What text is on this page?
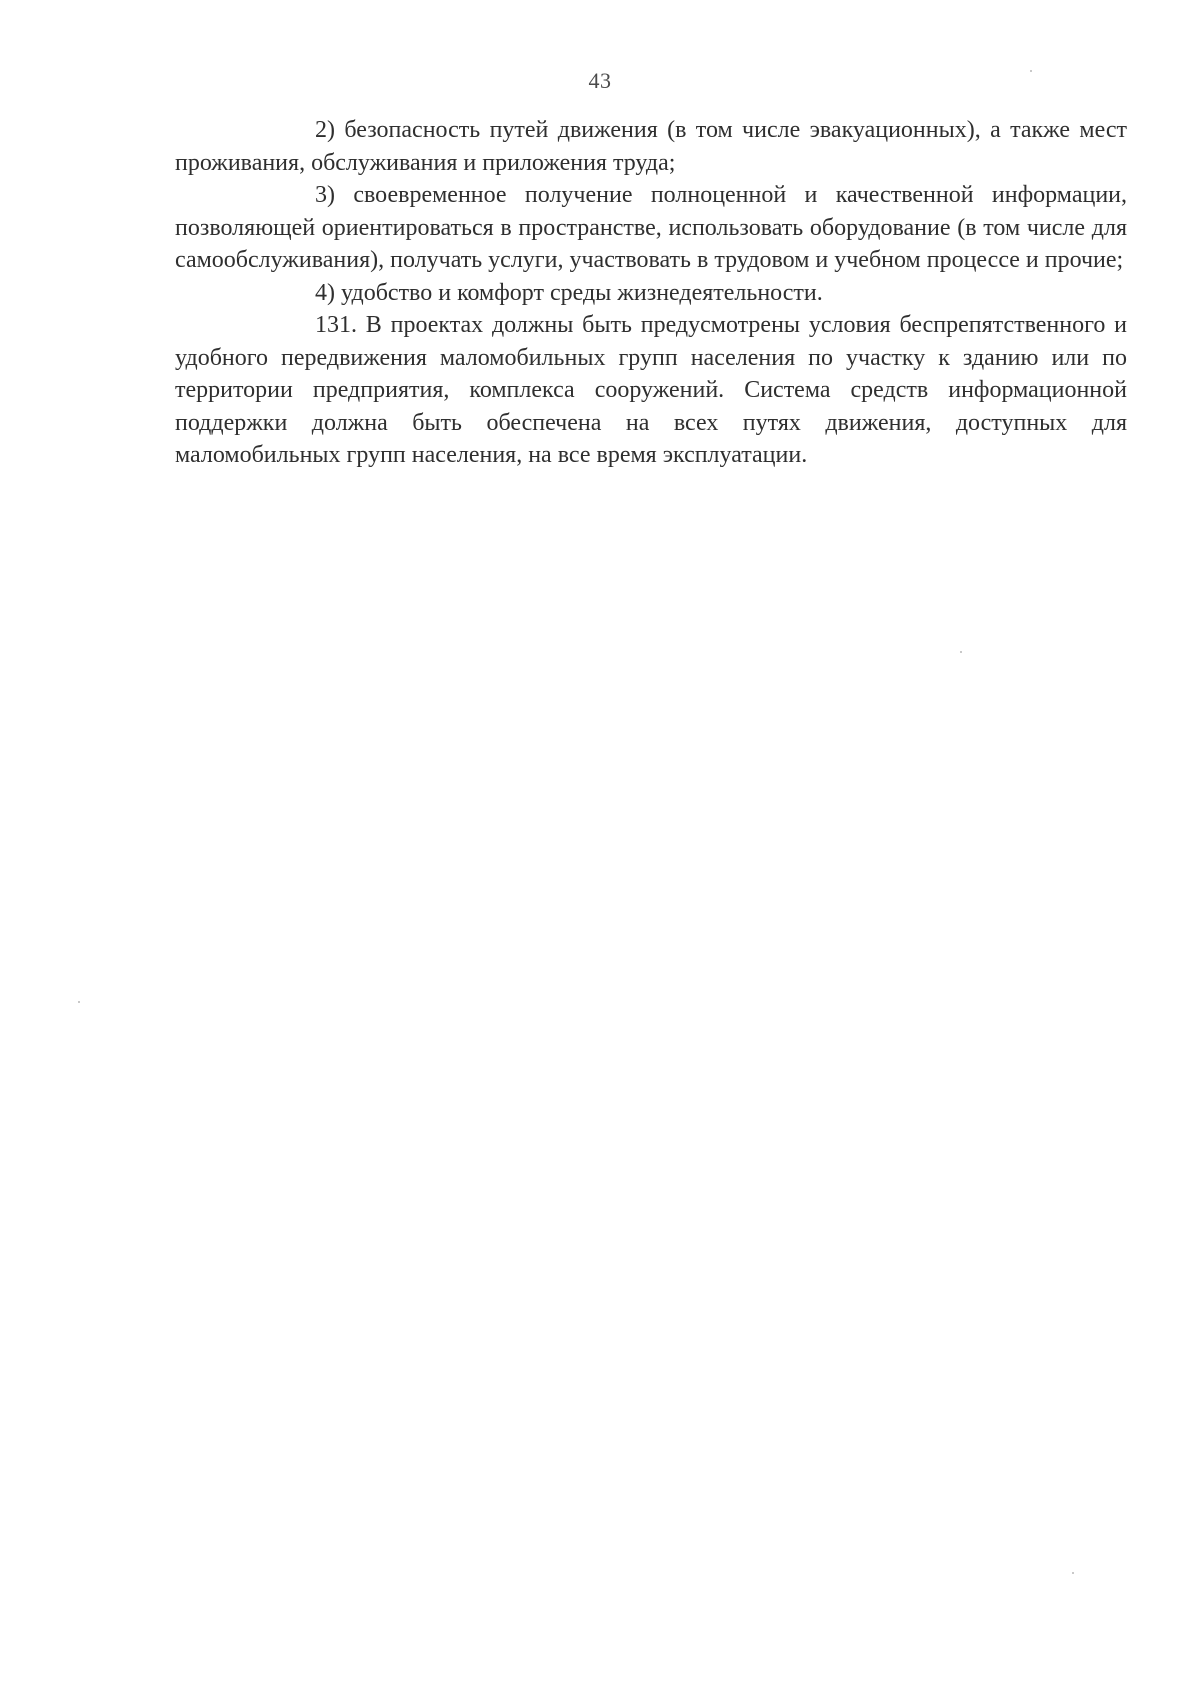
43

2) безопасность путей движения (в том числе эвакуационных), а также мест проживания, обслуживания и приложения труда;

3) своевременное получение полноценной и качественной информации, позволяющей ориентироваться в пространстве, использовать оборудование (в том числе для самообслуживания), получать услуги, участвовать в трудовом и учебном процессе и прочие;

4) удобство и комфорт среды жизнедеятельности.

131. В проектах должны быть предусмотрены условия беспрепятственного и удобного передвижения маломобильных групп населения по участку к зданию или по территории предприятия, комплекса сооружений. Система средств информационной поддержки должна быть обеспечена на всех путях движения, доступных для маломобильных групп населения, на все время эксплуатации.
